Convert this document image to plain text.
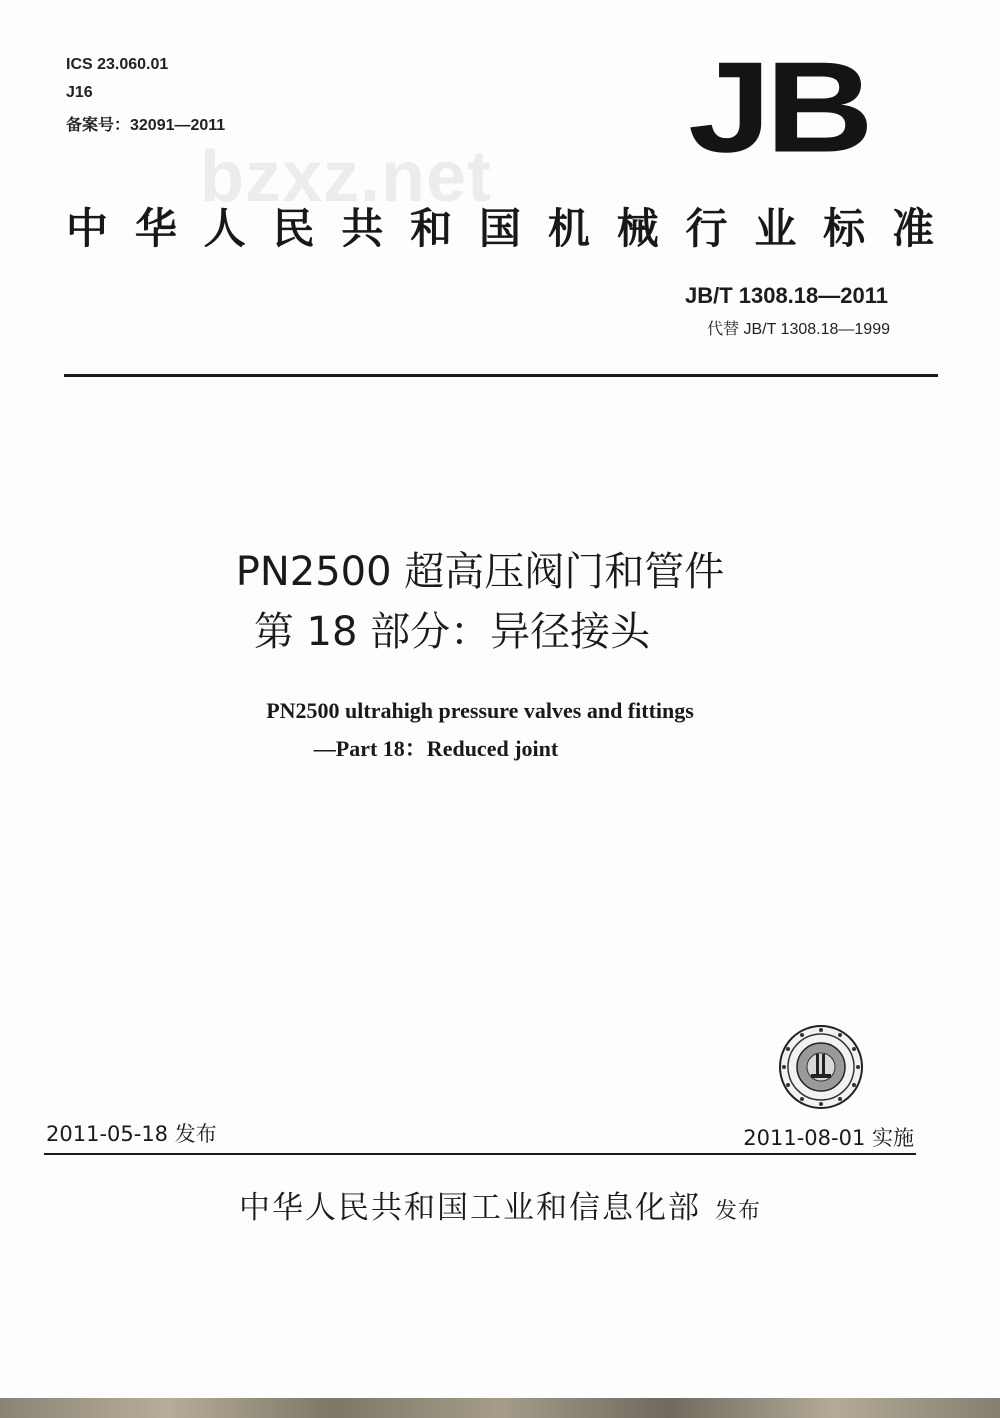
ICS 23.060.01
J16
备案号：32091—2011	JB
bzxz.net
中华人民共和国机械行业标准
JB/T 1308.18—2011
代替 JB/T 1308.18—1999
PN2500 超高压阀门和管件
第 18 部分：异径接头
PN2500 ultrahigh pressure valves and fittings
—Part 18：Reduced joint
2011-05-18 发布	2011-08-01 实施
中华人民共和国工业和信息化部 发布
